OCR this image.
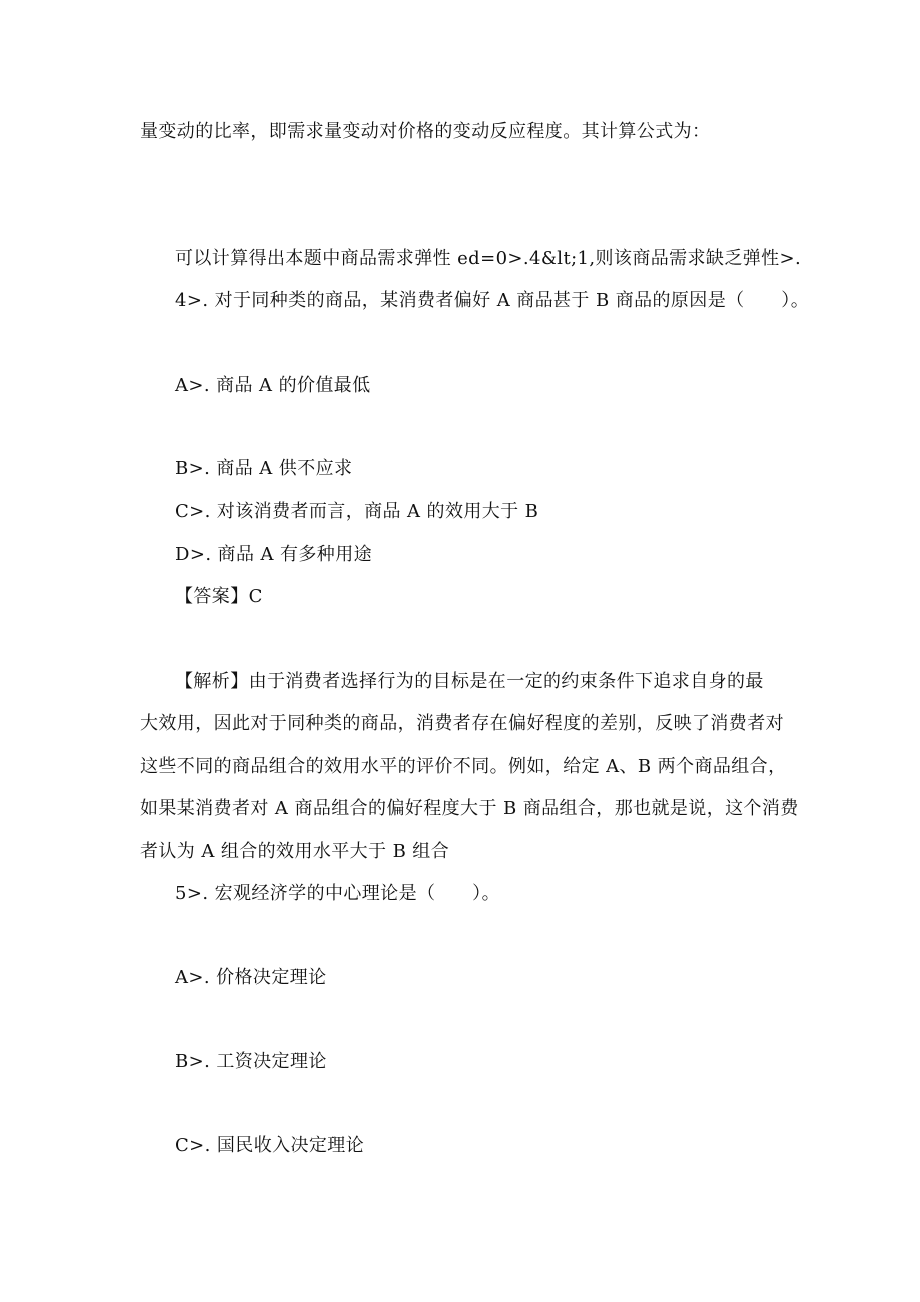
量变动的比率，即需求量变动对价格的变动反应程度。其计算公式为：
可以计算得出本题中商品需求弹性 ed=0>.4&lt;1,则该商品需求缺乏弹性>.
4>. 对于同种类的商品，某消费者偏好 A 商品甚于 B 商品的原因是（　　）。
A>. 商品 A 的价值最低
B>. 商品 A 供不应求
C>. 对该消费者而言，商品 A 的效用大于 B
D>. 商品 A 有多种用途
【答案】C
【解析】由于消费者选择行为的目标是在一定的约束条件下追求自身的最
大效用，因此对于同种类的商品，消费者存在偏好程度的差别，反映了消费者对
这些不同的商品组合的效用水平的评价不同。例如，给定 A、B 两个商品组合，
如果某消费者对 A 商品组合的偏好程度大于 B 商品组合，那也就是说，这个消费
者认为 A 组合的效用水平大于 B 组合
5>. 宏观经济学的中心理论是（　　）。
A>. 价格决定理论
B>. 工资决定理论
C>. 国民收入决定理论
